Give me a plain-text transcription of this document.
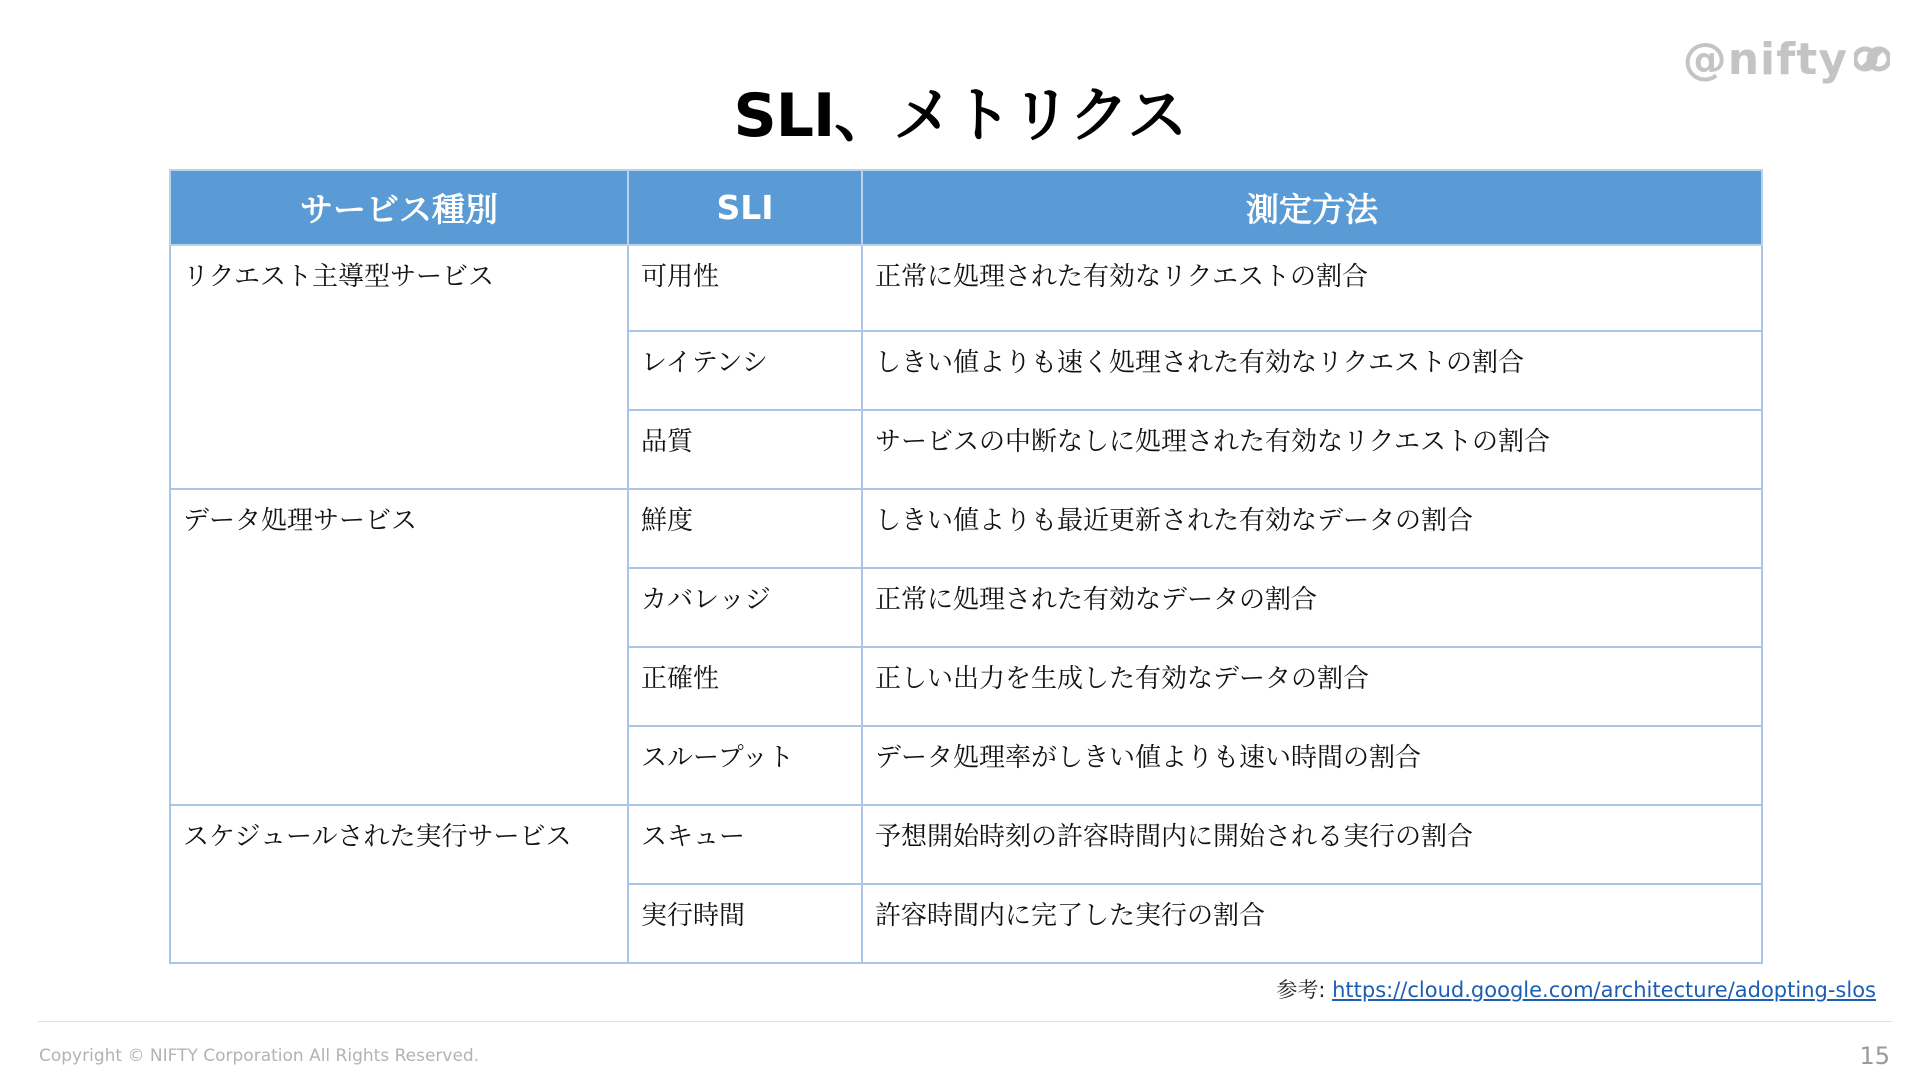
@nifty
SLI、メトリクス
サービス種別	SLI	測定方法
リクエスト主導型サービス	可用性	正常に処理された有効なリクエストの割合
	レイテンシ	しきい値よりも速く処理された有効なリクエストの割合
	品質	サービスの中断なしに処理された有効なリクエストの割合
データ処理サービス	鮮度	しきい値よりも最近更新された有効なデータの割合
	カバレッジ	正常に処理された有効なデータの割合
	正確性	正しい出力を生成した有効なデータの割合
	スループット	データ処理率がしきい値よりも速い時間の割合
スケジュールされた実行サービス	スキュー	予想開始時刻の許容時間内に開始される実行の割合
	実行時間	許容時間内に完了した実行の割合
参考: https://cloud.google.com/architecture/adopting-slos
Copyright © NIFTY Corporation All Rights Reserved.	15
